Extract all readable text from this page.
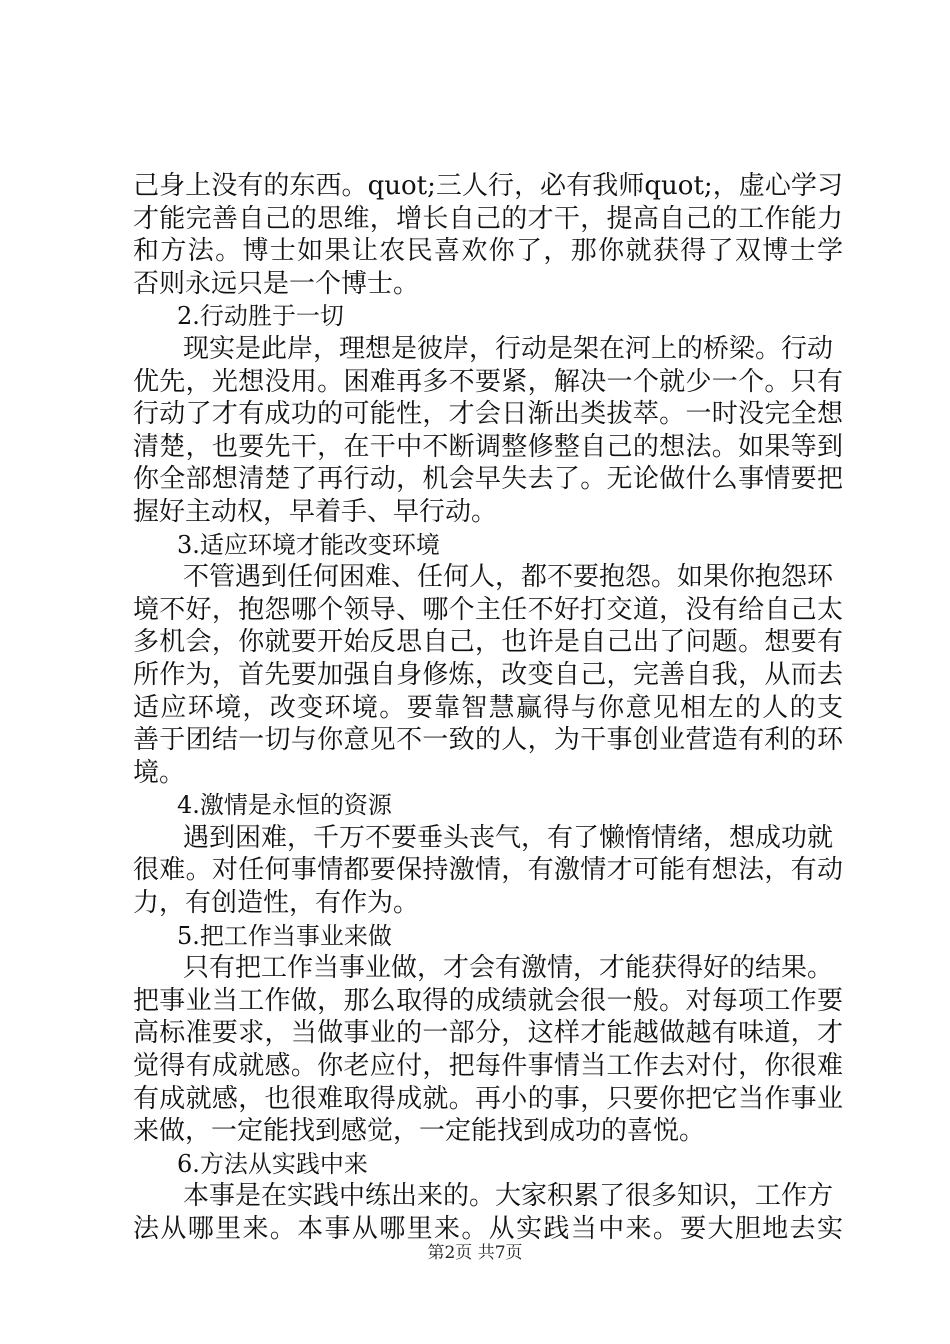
己身上没有的东西。quot;三人行，必有我师quot;，虚心学习
才能完善自己的思维，增长自己的才干，提高自己的工作能力
和方法。博士如果让农民喜欢你了，那你就获得了双博士学
否则永远只是一个博士。
2.行动胜于一切
现实是此岸，理想是彼岸，行动是架在河上的桥梁。行动
优先，光想没用。困难再多不要紧，解决一个就少一个。只有
行动了才有成功的可能性，才会日渐出类拔萃。一时没完全想
清楚，也要先干，在干中不断调整修整自己的想法。如果等到
你全部想清楚了再行动，机会早失去了。无论做什么事情要把
握好主动权，早着手、早行动。
3.适应环境才能改变环境
不管遇到任何困难、任何人，都不要抱怨。如果你抱怨环
境不好，抱怨哪个领导、哪个主任不好打交道，没有给自己太
多机会，你就要开始反思自己，也许是自己出了问题。想要有
所作为，首先要加强自身修炼，改变自己，完善自我，从而去
适应环境，改变环境。要靠智慧赢得与你意见相左的人的支
善于团结一切与你意见不一致的人，为干事创业营造有利的环
境。
4.激情是永恒的资源
遇到困难，千万不要垂头丧气，有了懒惰情绪，想成功就
很难。对任何事情都要保持激情，有激情才可能有想法，有动
力，有创造性，有作为。
5.把工作当事业来做
只有把工作当事业做，才会有激情，才能获得好的结果。
把事业当工作做，那么取得的成绩就会很一般。对每项工作要
高标准要求，当做事业的一部分，这样才能越做越有味道，才
觉得有成就感。你老应付，把每件事情当工作去对付，你很难
有成就感，也很难取得成就。再小的事，只要你把它当作事业
来做，一定能找到感觉，一定能找到成功的喜悦。
6.方法从实践中来
本事是在实践中练出来的。大家积累了很多知识，工作方
法从哪里来。本事从哪里来。从实践当中来。要大胆地去实
第2页 共7页
